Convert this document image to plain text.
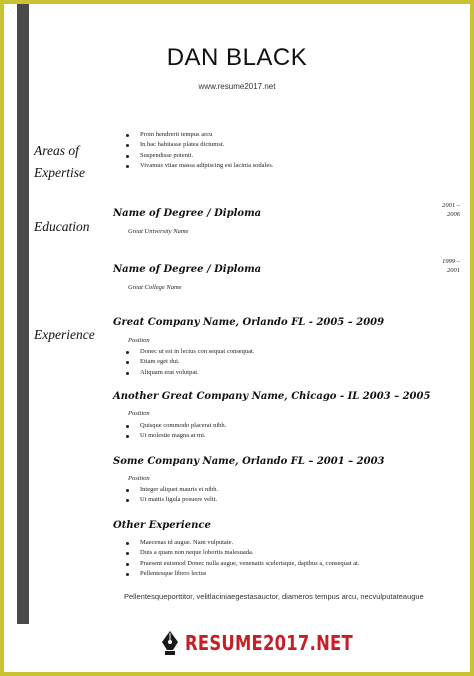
DAN BLACK
www.resume2017.net
Areas of
Expertise
Proin hendrerit tempus arcu
In hac habitasse platea dictumst.
Suspendisse potenti.
Vivamus vitae massa adipiscing est lacinia sodales.
Education
Name of Degree / Diploma
Great University Name
2001 –
2006
Name of Degree / Diploma
Great College Name
1999 –
2001
Experience
Great Company Name, Orlando FL - 2005 – 2009
Position
Donec ut est in lectus con sequat consequat.
Etiam eget dui.
Aliquam erat volutpat.
Another Great Company Name, Chicago - IL 2003 – 2005
Position
Quisque commodo placerat nibh.
Ut molestie magna at mi.
Some Company Name, Orlando FL – 2001 – 2003
Position
Integer aliquet mauris et nibh.
Ut mattis ligula posuere velit.
Other Experience
Maecenas id augue. Nam vulputate.
Duis a quam non neque lobortis malesuada.
Praesent euismod Donec nulla augue, venenatis scelerisque, dapibus a, consequat at.
Pellentesque libero lectus
Pellentesqueporttitor, velitlaciniaegestasauctor, diameros tempus arcu, necvulputateaugue
RESUME2017.NET
